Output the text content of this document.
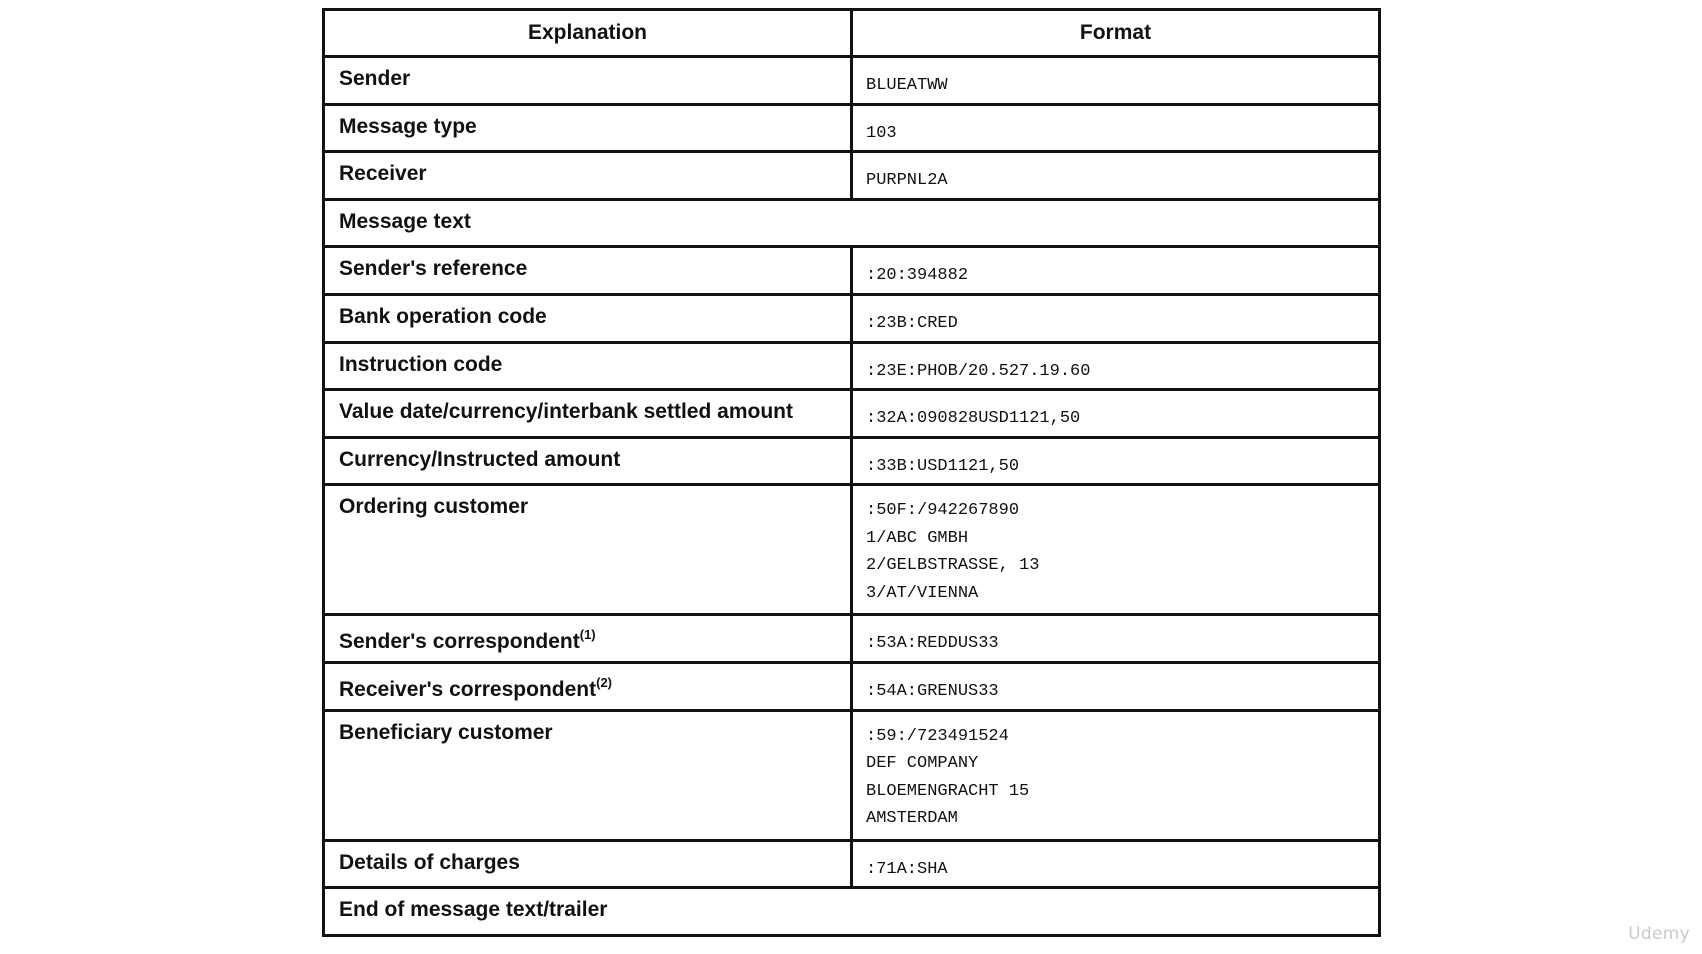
Explanation	Format
Sender	BLUEATWW

Message type	103

Receiver	PURPNL2A

Message text	
Sender's reference	:20:394882

Bank operation code	:23B:CRED

Instruction code	:23E:PHOB/20.527.19.60

Value date/currency/interbank settled amount	:32A:090828USD1121,50

Currency/Instructed amount	:33B:USD1121,50

Ordering customer	:50F:/942267890
1/ABC GMBH
2/GELBSTRASSE, 13
3/AT/VIENNA

Sender's correspondent$^{(1)}$	:53A:REDDUS33

Receiver's correspondent$^{(2)}$	:54A:GRENUS33

Beneficiary customer	:59:/723491524
DEF COMPANY
BLOEMENGRACHT 15
AMSTERDAM

Details of charges	:71A:SHA

End of message text/trailer	
Udemy
